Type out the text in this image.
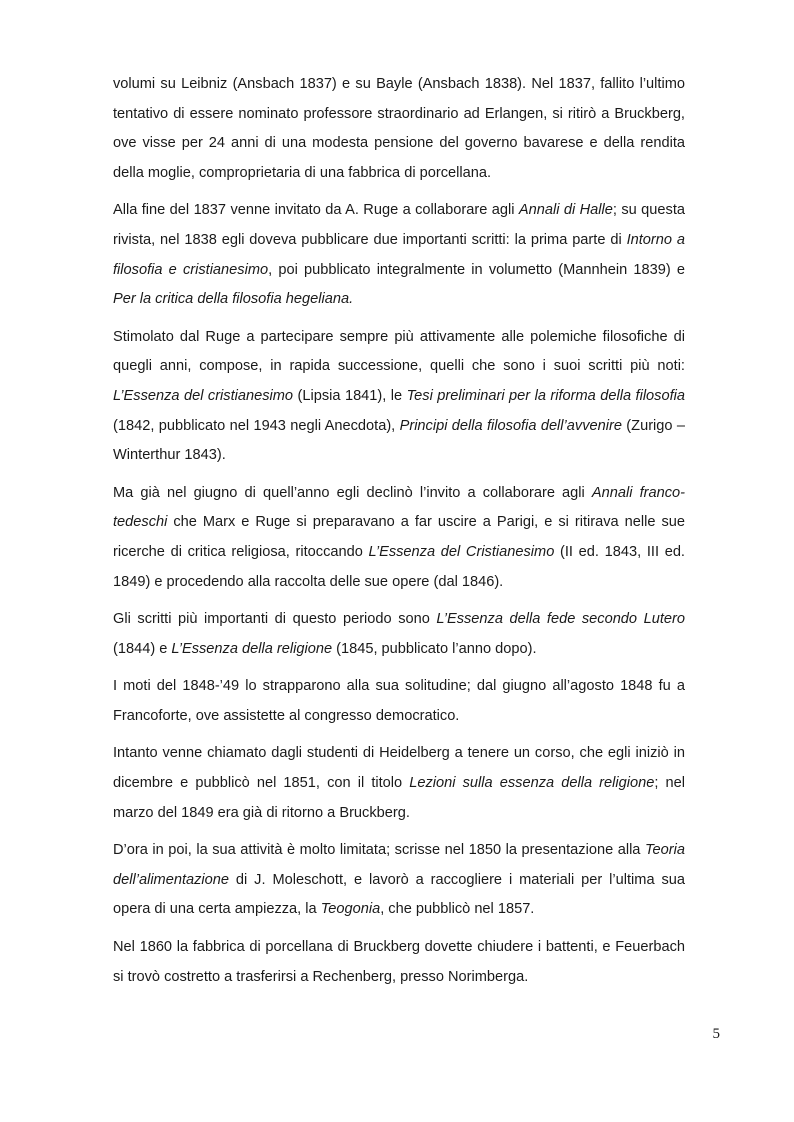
volumi su Leibniz (Ansbach 1837) e su Bayle (Ansbach 1838). Nel 1837, fallito l’ultimo tentativo di essere nominato professore straordinario ad Erlangen, si ritirò a Bruckberg, ove visse per 24 anni di una modesta pensione del governo bavarese e della rendita della moglie, comproprietaria di una fabbrica di porcellana.

Alla fine del 1837 venne invitato da A. Ruge a collaborare agli Annali di Halle; su questa rivista, nel 1838 egli doveva pubblicare due importanti scritti: la prima parte di Intorno a filosofia e cristianesimo, poi pubblicato integralmente in volumetto (Mannhein 1839) e Per la critica della filosofia hegeliana.

Stimolato dal Ruge a partecipare sempre più attivamente alle polemiche filosofiche di quegli anni, compose, in rapida successione, quelli che sono i suoi scritti più noti: L’Essenza del cristianesimo (Lipsia 1841), le Tesi preliminari per la riforma della filosofia (1842, pubblicato nel 1943 negli Anecdota), Principi della filosofia dell’avvenire (Zurigo – Winterthur 1843).

Ma già nel giugno di quell’anno egli declinò l’invito a collaborare agli Annali franco-tedeschi che Marx e Ruge si preparavano a far uscire a Parigi, e si ritirava nelle sue ricerche di critica religiosa, ritoccando L’Essenza del Cristianesimo (II ed. 1843, III ed. 1849) e procedendo alla raccolta delle sue opere (dal 1846).

Gli scritti più importanti di questo periodo sono L’Essenza della fede secondo Lutero (1844) e L’Essenza della religione (1845, pubblicato l’anno dopo).

I moti del 1848-’49 lo strapparono alla sua solitudine; dal giugno all’agosto 1848 fu a Francoforte, ove assistette al congresso democratico.

Intanto venne chiamato dagli studenti di Heidelberg a tenere un corso, che egli iniziò in dicembre e pubblicò nel 1851, con il titolo Lezioni sulla essenza della religione; nel marzo del 1849 era già di ritorno a Bruckberg.

D’ora in poi, la sua attività è molto limitata; scrisse nel 1850 la presentazione alla Teoria dell’alimentazione di J. Moleschott, e lavorò a raccogliere i materiali per l’ultima sua opera di una certa ampiezza, la Teogonia, che pubblicò nel 1857.

Nel 1860 la fabbrica di porcellana di Bruckberg dovette chiudere i battenti, e Feuerbach si trovò costretto a trasferirsi a Rechenberg, presso Norimberga.

5
